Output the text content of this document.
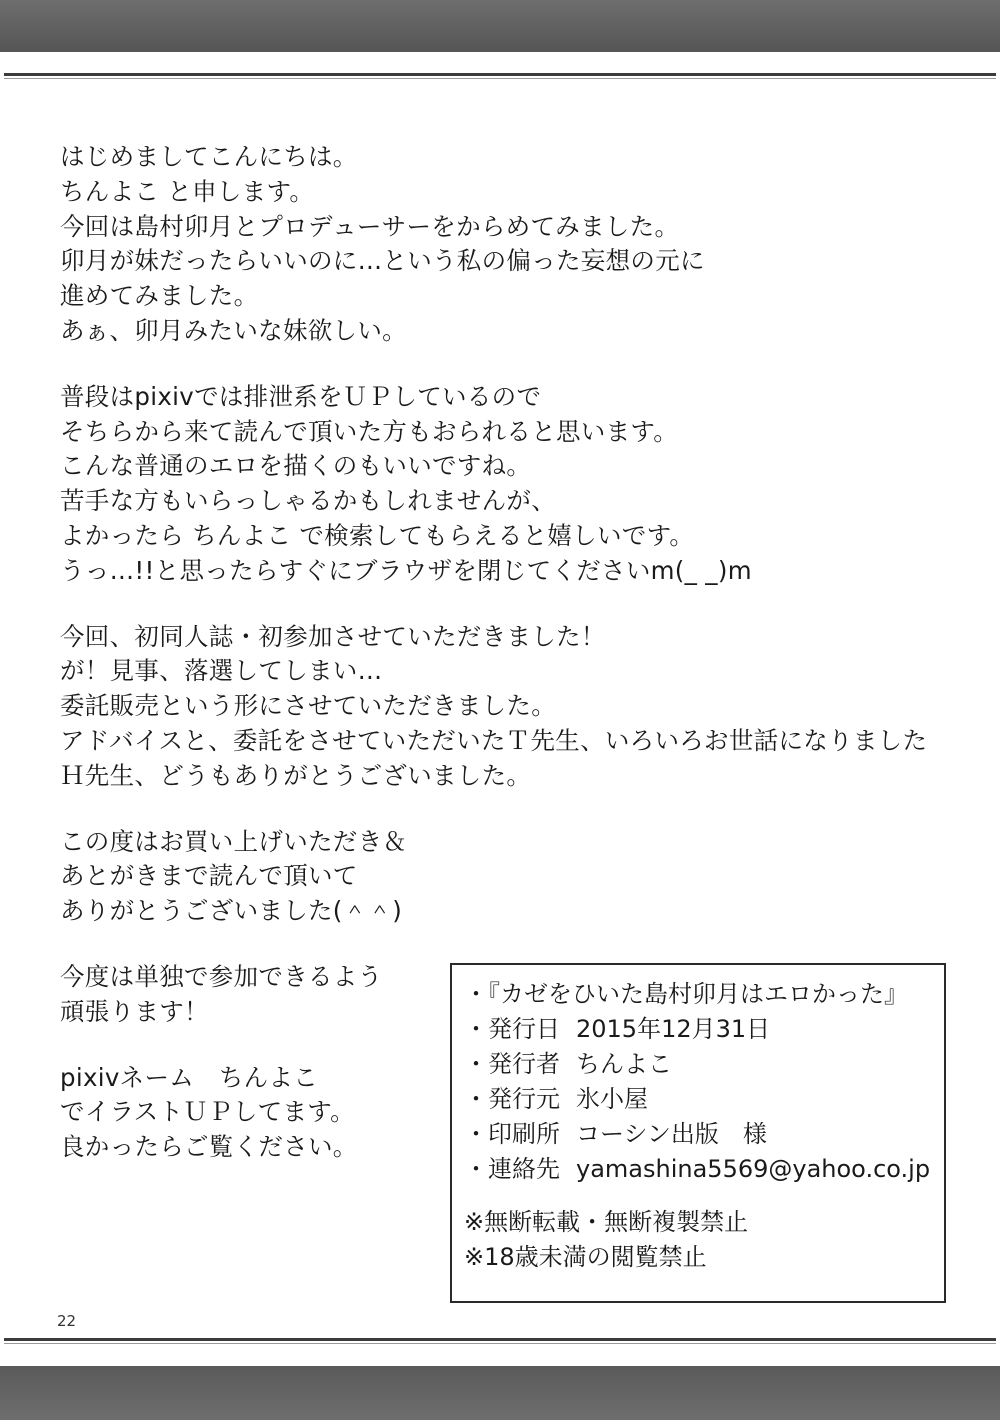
はじめましてこんにちは。
ちんよこ と申します。
今回は島村卯月とプロデューサーをからめてみました。
卯月が妹だったらいいのに…という私の偏った妄想の元に
進めてみました。
あぁ、卯月みたいな妹欲しい。
普段はpixivでは排泄系をＵＰしているので
そちらから来て読んで頂いた方もおられると思います。
こんな普通のエロを描くのもいいですね。
苦手な方もいらっしゃるかもしれませんが、
よかったら ちんよこ で検索してもらえると嬉しいです。
うっ…!!と思ったらすぐにブラウザを閉じてくださいm(_ _)m
今回、初同人誌・初参加させていただきました！
が！見事、落選してしまい…
委託販売という形にさせていただきました。
アドバイスと、委託をさせていただいたＴ先生、いろいろお世話になりました
Ｈ先生、どうもありがとうございました。
この度はお買い上げいただき＆
あとがきまで読んで頂いて
ありがとうございました(＾＾)
今度は単独で参加できるよう
頑張ります！
pixivネーム　ちんよこ
でイラストＵＰしてます。
良かったらご覧ください。
・『カゼをひいた島村卯月はエロかった』
・発行日 2015年12月31日
・発行者 ちんよこ
・発行元 氷小屋
・印刷所 コーシン出版　様
・連絡先 yamashina5569@yahoo.co.jp
※無断転載・無断複製禁止
※18歳未満の閲覧禁止
22
